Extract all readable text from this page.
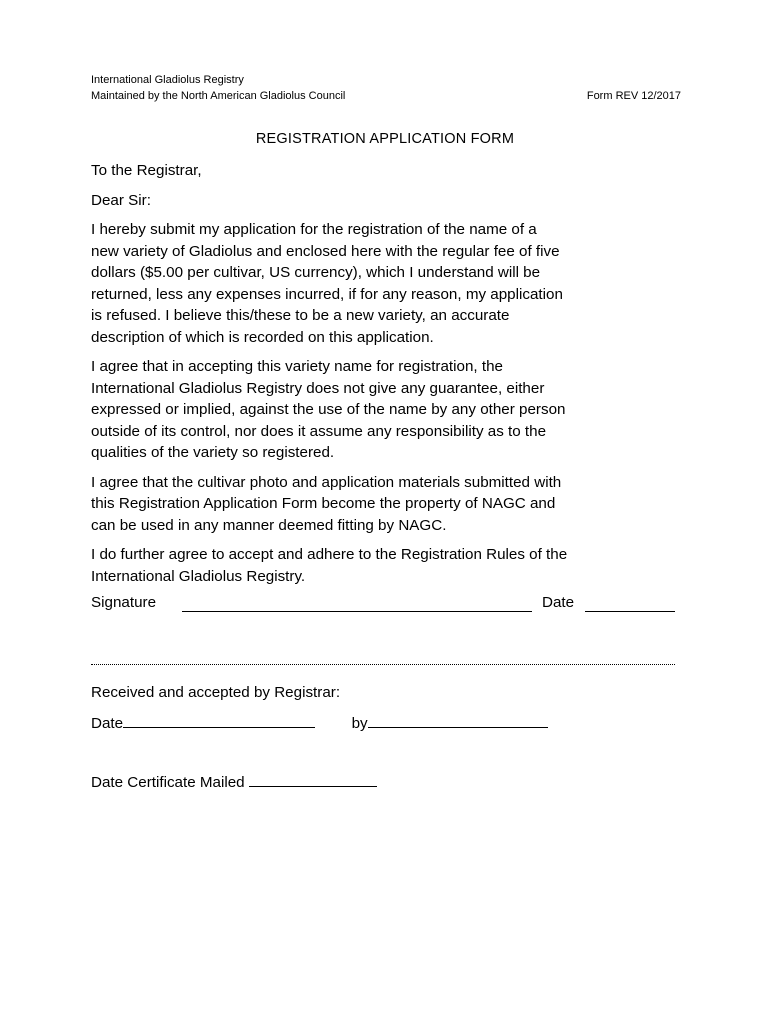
International Gladiolus Registry
Maintained by the North American Gladiolus Council	Form REV 12/2017
REGISTRATION APPLICATION FORM

To the Registrar,

Dear Sir:

I hereby submit my application for the registration of the name of a
new variety of Gladiolus and enclosed here with the regular fee of five
dollars ($5.00 per cultivar, US currency), which I understand will be
returned, less any expenses incurred, if for any reason, my application
is refused. I believe this/these to be a new variety, an accurate
description of which is recorded on this application.

I agree that in accepting this variety name for registration, the
International Gladiolus Registry does not give any guarantee, either
expressed or implied, against the use of the name by any other person
outside of its control, nor does it assume any responsibility as to the
qualities of the variety so registered.

I agree that the cultivar photo and application materials submitted with
this Registration Application Form become the property of NAGC and
can be used in any manner deemed fitting by NAGC.

I do further agree to accept and adhere to the Registration Rules of the
International Gladiolus Registry.

Signature	Date
Received and accepted by Registrar:
Date	by
Date Certificate Mailed
